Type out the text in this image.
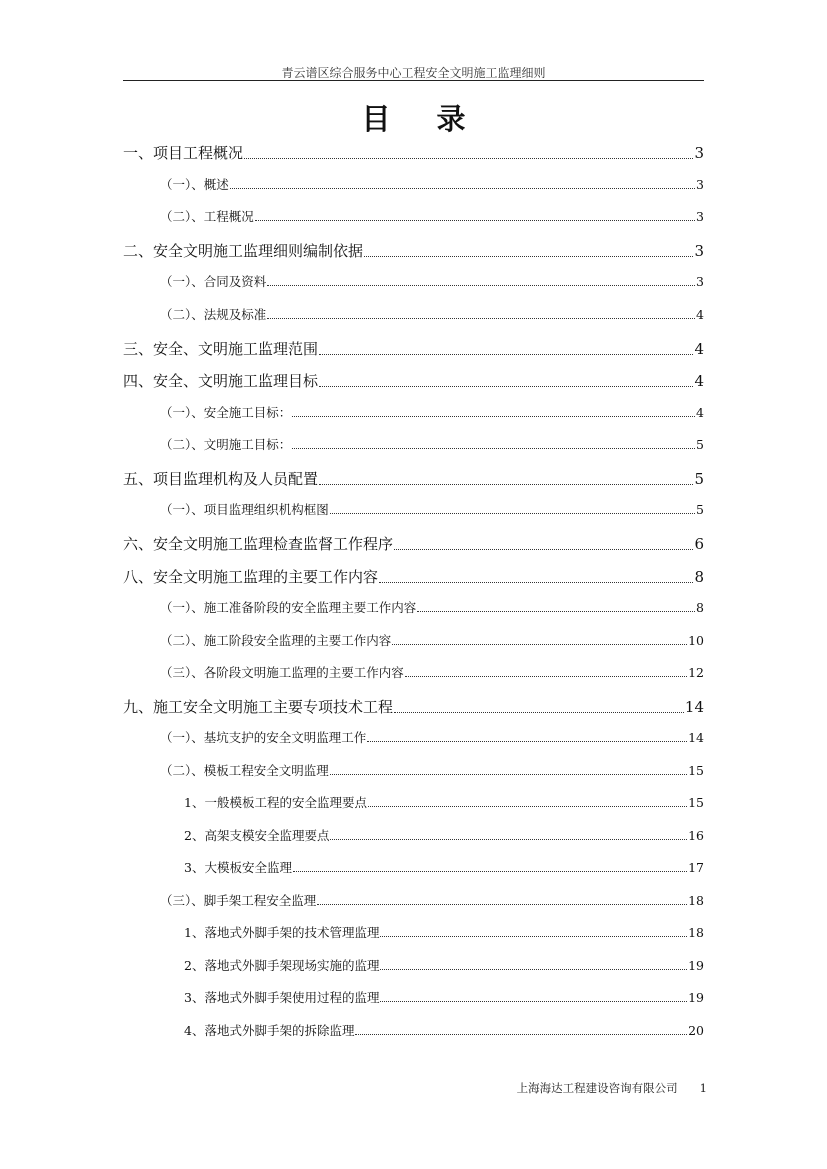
青云谱区综合服务中心工程安全文明施工监理细则
目 录
一、项目工程概况	3
（一）、概述	3
（二）、工程概况	3
二、安全文明施工监理细则编制依据	3
（一）、合同及资料	3
（二）、法规及标准	4
三、安全、文明施工监理范围	4
四、安全、文明施工监理目标	4
（一）、安全施工目标：	4
（二）、文明施工目标：	5
五、项目监理机构及人员配置	5
（一）、项目监理组织机构框图	5
六、安全文明施工监理检查监督工作程序	6
八、安全文明施工监理的主要工作内容	8
（一）、施工准备阶段的安全监理主要工作内容	8
（二）、施工阶段安全监理的主要工作内容	10
（三）、各阶段文明施工监理的主要工作内容	12
九、施工安全文明施工主要专项技术工程	14
（一）、基坑支护的安全文明监理工作	14
（二）、模板工程安全文明监理	15
1、一般模板工程的安全监理要点	15
2、高架支模安全监理要点	16
3、大模板安全监理	17
（三）、脚手架工程安全监理	18
1、落地式外脚手架的技术管理监理	18
2、落地式外脚手架现场实施的监理	19
3、落地式外脚手架使用过程的监理	19
4、落地式外脚手架的拆除监理	20
上海海达工程建设咨询有限公司 1
